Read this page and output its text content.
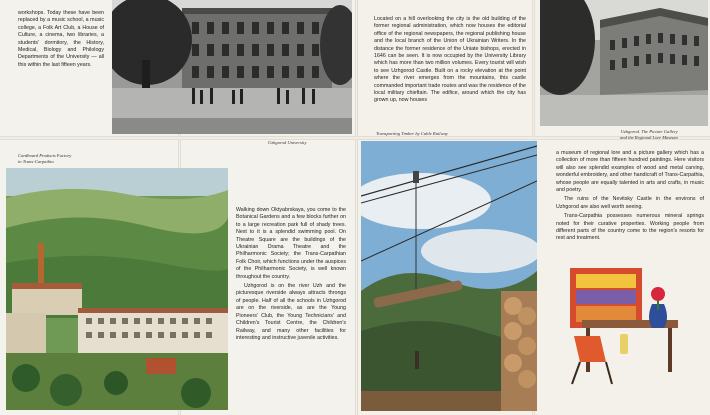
workshops. Today these have been replaced by a music school, a music college, a Folk Art Club, a House of Culture, a cinema, two libraries, a students' dormitory, the History, Medical, Biology and Philology Departments of the University — all this within the last fifteen years.

Uzhgorod University
Cardboard Products Factory
in Trans-Carpathia

Walking down Oktyabrskaya, you come to the Botanical Gardens and a few blocks further on to a large recreation park full of shady trees. Next to it is a splendid swimming pool. On Theatre Square are the buildings of the Ukrainian Drama Theatre and the Philharmonic Society; the Trans-Carpathian Folk Choir, which functions under the auspices of the Philharmonic Society, is well known throughout the country.

Uzhgorod is on the river Uzh and the picturesque riverside always attracts throngs of people. Half of all the schools in Uzhgorod are on the riverside, as are the Young Pioneers' Club, the Young Technicians' and Children's Tourist Centre, the Children's Railway, and many other facilities for interesting and instructive juvenile activities.

Located on a hill overlooking the city is the old building of the former regional administration, which now houses the editorial office of the regional newspapers, the regional publishing house and the local branch of the Union of Ukrainian Writers. In the distance the former residence of the Uniate bishops, erected in 1646 can be seen. It is now occupied by the University Library which has more than two million volumes. Every tourist will wish to see Uzhgorod Castle. Built on a rocky elevation at the point where the river emerges from the mountains, this castle commanded important trade routes and was the residence of the local military chieftain. The edifice, around which the city has grown up, now houses

Uzhgorod. The Picture Gallery
and the Regional Lore Museum
Transporting Timber by Cable Railway

a museum of regional lore and a picture gallery which has a collection of more than fifteen hundred paintings. Here visitors will also see splendid examples of wood and metal carving, wonderful embroidery, and other handicraft of Trans-Carpathia, whose people are equally talented in arts and crafts, in music and poetry.

The ruins of the Nevitsky Castle in the environs of Uzhgorod are also well worth seeing.

Trans-Carpathia possesses numerous mineral springs noted for their curative properties. Working people from different parts of the country come to the region's resorts for rest and treatment.
